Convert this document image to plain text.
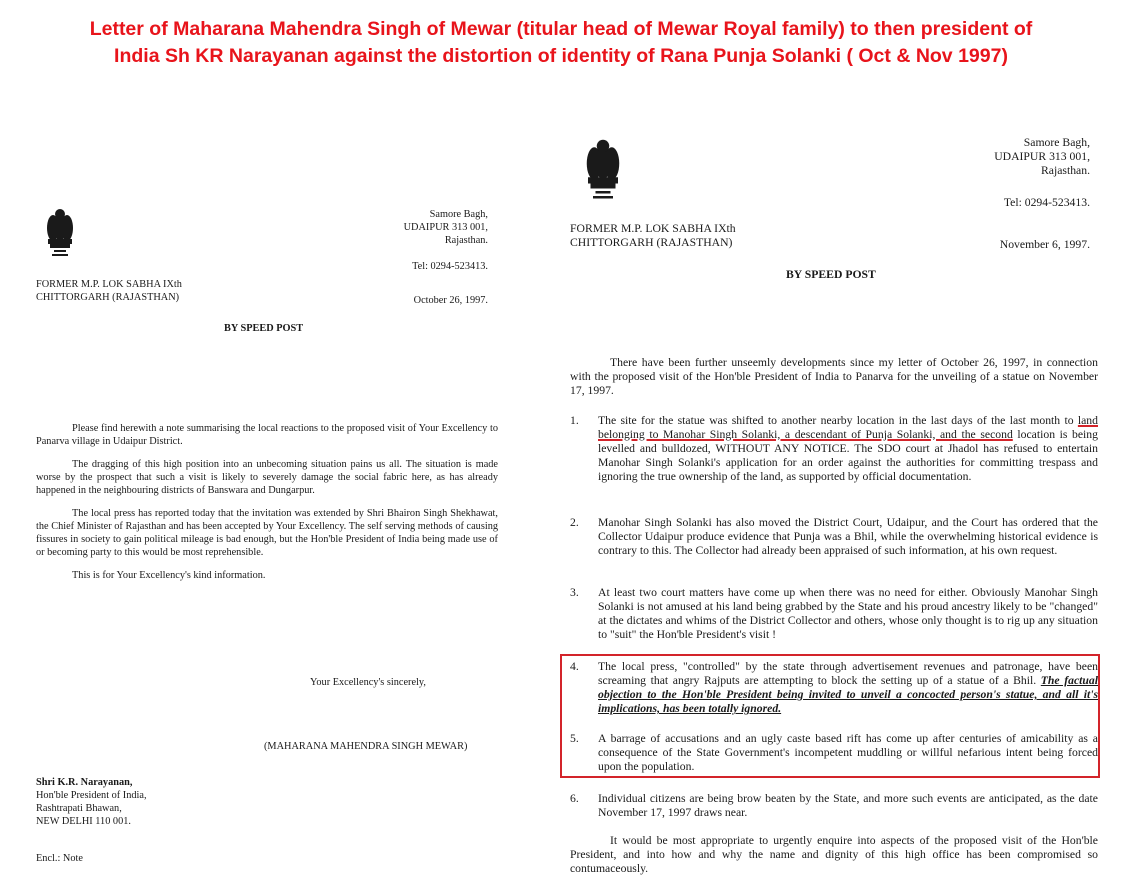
Letter of Maharana Mahendra Singh of Mewar (titular head of Mewar Royal family) to then president of
India Sh KR Narayanan against the distortion of identity of Rana Punja Solanki ( Oct & Nov 1997)
Samore Bagh,
UDAIPUR 313 001,
Rajasthan.
Tel: 0294-523413.
FORMER M.P. LOK SABHA IXth
CHITTORGARH (RAJASTHAN)	October 26, 1997.
BY SPEED POST

Please find herewith a note summarising the local reactions to the proposed visit of Your Excellency to Panarva village in Udaipur District.

The dragging of this high position into an unbecoming situation pains us all. The situation is made worse by the prospect that such a visit is likely to severely damage the social fabric here, as has already happened in the neighbouring districts of Banswara and Dungarpur.

The local press has reported today that the invitation was extended by Shri Bhairon Singh Shekhawat, the Chief Minister of Rajasthan and has been accepted by Your Excellency. The self serving methods of causing fissures in society to gain political mileage is bad enough, but the Hon'ble President of India being made use of or becoming party to this would be most reprehensible.

This is for Your Excellency's kind information.

Your Excellency's sincerely,
(MAHARANA MAHENDRA SINGH MEWAR)
Shri K.R. Narayanan,
Hon'ble President of India,
Rashtrapati Bhawan,
NEW DELHI 110 001.
Encl.: Note
Samore Bagh,
UDAIPUR 313 001,
Rajasthan.
Tel: 0294-523413.
FORMER M.P. LOK SABHA IXth
CHITTORGARH (RAJASTHAN)	November 6, 1997.
BY SPEED POST

There have been further unseemly developments since my letter of October 26, 1997, in connection with the proposed visit of the Hon'ble President of India to Panarva for the unveiling of a statue on November 17, 1997.

1. The site for the statue was shifted to another nearby location in the last days of the last month to land belonging to Manohar Singh Solanki, a descendant of Punja Solanki, and the second location is being levelled and bulldozed, WITHOUT ANY NOTICE. The SDO court at Jhadol has refused to entertain Manohar Singh Solanki's application for an order against the authorities for committing trespass and ignoring the true ownership of the land, as supported by official documentation.

2. Manohar Singh Solanki has also moved the District Court, Udaipur, and the Court has ordered that the Collector Udaipur produce evidence that Punja was a Bhil, while the overwhelming historical evidence is contrary to this. The Collector had already been appraised of such information, at his own request.

3. At least two court matters have come up when there was no need for either. Obviously Manohar Singh Solanki is not amused at his land being grabbed by the State and his proud ancestry likely to be "changed" at the dictates and whims of the District Collector and others, whose only thought is to rig up any situation to "suit" the Hon'ble President's visit !

4. The local press, "controlled" by the state through advertisement revenues and patronage, have been screaming that angry Rajputs are attempting to block the setting up of a statue of a Bhil. The factual objection to the Hon'ble President being invited to unveil a concocted person's statue, and all it's implications, has been totally ignored.

5. A barrage of accusations and an ugly caste based rift has come up after centuries of amicability as a consequence of the State Government's incompetent muddling or willful nefarious intent being forced upon the population.

6. Individual citizens are being brow beaten by the State, and more such events are anticipated, as the date November 17, 1997 draws near.

It would be most appropriate to urgently enquire into aspects of the proposed visit of the Hon'ble President, and into how and why the name and dignity of this high office has been compromised so contumaceously.
